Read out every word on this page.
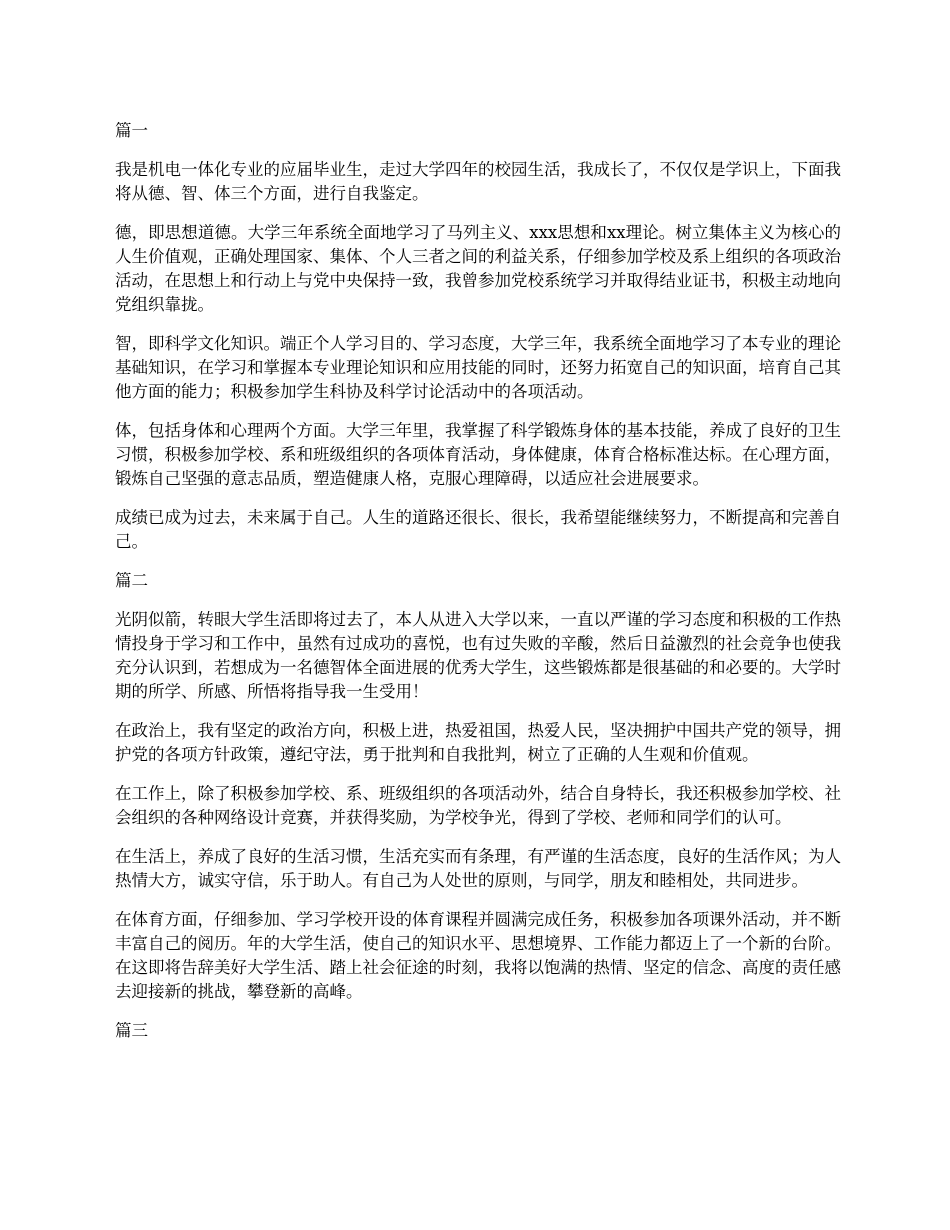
篇一

我是机电一体化专业的应届毕业生，走过大学四年的校园生活，我成长了，不仅仅是学识上，下面我将从德、智、体三个方面，进行自我鉴定。

德，即思想道德。大学三年系统全面地学习了马列主义、xxx思想和xx理论。树立集体主义为核心的人生价值观，正确处理国家、集体、个人三者之间的利益关系，仔细参加学校及系上组织的各项政治活动，在思想上和行动上与党中央保持一致，我曾参加党校系统学习并取得结业证书，积极主动地向党组织靠拢。

智，即科学文化知识。端正个人学习目的、学习态度，大学三年，我系统全面地学习了本专业的理论基础知识，在学习和掌握本专业理论知识和应用技能的同时，还努力拓宽自己的知识面，培育自己其他方面的能力；积极参加学生科协及科学讨论活动中的各项活动。

体，包括身体和心理两个方面。大学三年里，我掌握了科学锻炼身体的基本技能，养成了良好的卫生习惯，积极参加学校、系和班级组织的各项体育活动，身体健康，体育合格标准达标。在心理方面，锻炼自己坚强的意志品质，塑造健康人格，克服心理障碍，以适应社会进展要求。

成绩已成为过去，未来属于自己。人生的道路还很长、很长，我希望能继续努力，不断提高和完善自己。

篇二

光阴似箭，转眼大学生活即将过去了，本人从进入大学以来，一直以严谨的学习态度和积极的工作热情投身于学习和工作中，虽然有过成功的喜悦，也有过失败的辛酸，然后日益激烈的社会竞争也使我充分认识到，若想成为一名德智体全面进展的优秀大学生，这些锻炼都是很基础的和必要的。大学时期的所学、所感、所悟将指导我一生受用！

在政治上，我有坚定的政治方向，积极上进，热爱祖国，热爱人民，坚决拥护中国共产党的领导，拥护党的各项方针政策，遵纪守法，勇于批判和自我批判，树立了正确的人生观和价值观。

在工作上，除了积极参加学校、系、班级组织的各项活动外，结合自身特长，我还积极参加学校、社会组织的各种网络设计竞赛，并获得奖励，为学校争光，得到了学校、老师和同学们的认可。

在生活上，养成了良好的生活习惯，生活充实而有条理，有严谨的生活态度，良好的生活作风；为人热情大方，诚实守信，乐于助人。有自己为人处世的原则，与同学，朋友和睦相处，共同进步。

在体育方面，仔细参加、学习学校开设的体育课程并圆满完成任务，积极参加各项课外活动，并不断丰富自己的阅历。年的大学生活，使自己的知识水平、思想境界、工作能力都迈上了一个新的台阶。在这即将告辞美好大学生活、踏上社会征途的时刻，我将以饱满的热情、坚定的信念、高度的责任感去迎接新的挑战，攀登新的高峰。

篇三
